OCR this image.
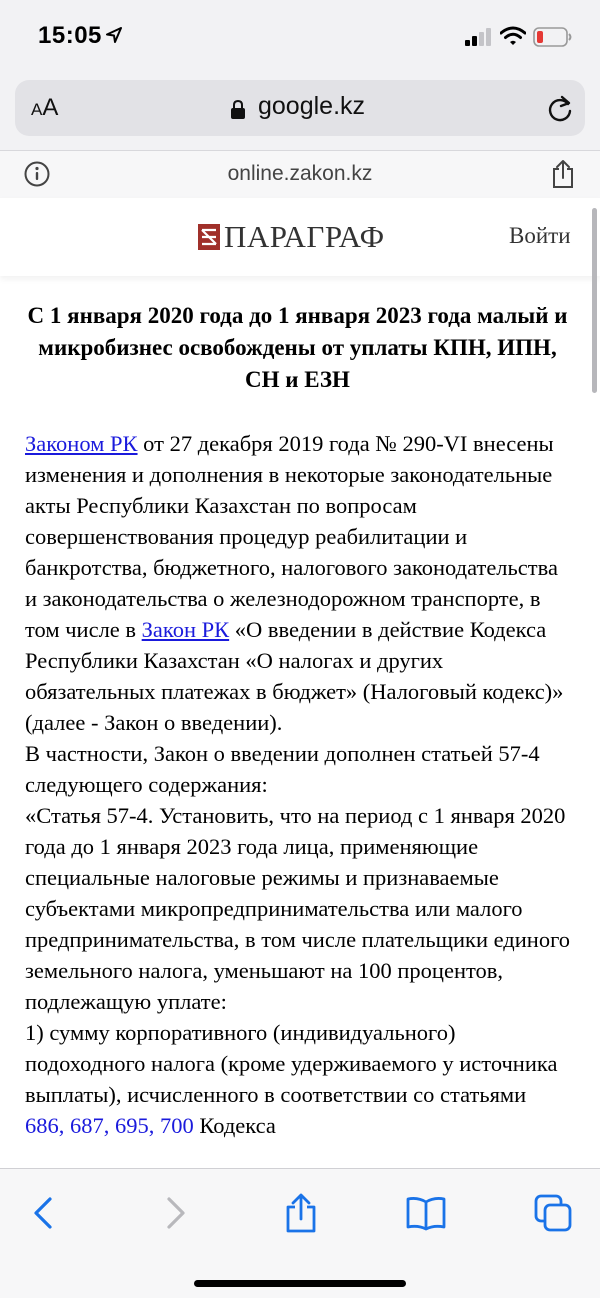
15:05
AA	google.kz
online.zakon.kz
ПАРАГРАФ	Войти
С 1 января 2020 года до 1 января 2023 года малый и микробизнес освобождены от уплаты КПН, ИПН, СН и ЕЗН

Законом РК от 27 декабря 2019 года № 290-VI внесены изменения и дополнения в некоторые законодательные акты Республики Казахстан по вопросам совершенствования процедур реабилитации и банкротства, бюджетного, налогового законодательства и законодательства о железнодорожном транспорте, в том числе в Закон РК «О введении в действие Кодекса Республики Казахстан «О налогах и других обязательных платежах в бюджет» (Налоговый кодекс)» (далее - Закон о введении).

В частности, Закон о введении дополнен статьей 57-4 следующего содержания:

«Статья 57-4. Установить, что на период с 1 января 2020 года до 1 января 2023 года лица, применяющие специальные налоговые режимы и признаваемые субъектами микропредпринимательства или малого предпринимательства, в том числе плательщики единого земельного налога, уменьшают на 100 процентов, подлежащую уплате:

1) сумму корпоративного (индивидуального) подоходного налога (кроме удерживаемого у источника выплаты), исчисленного в соответствии со статьями 686, 687, 695, 700 Кодекса
